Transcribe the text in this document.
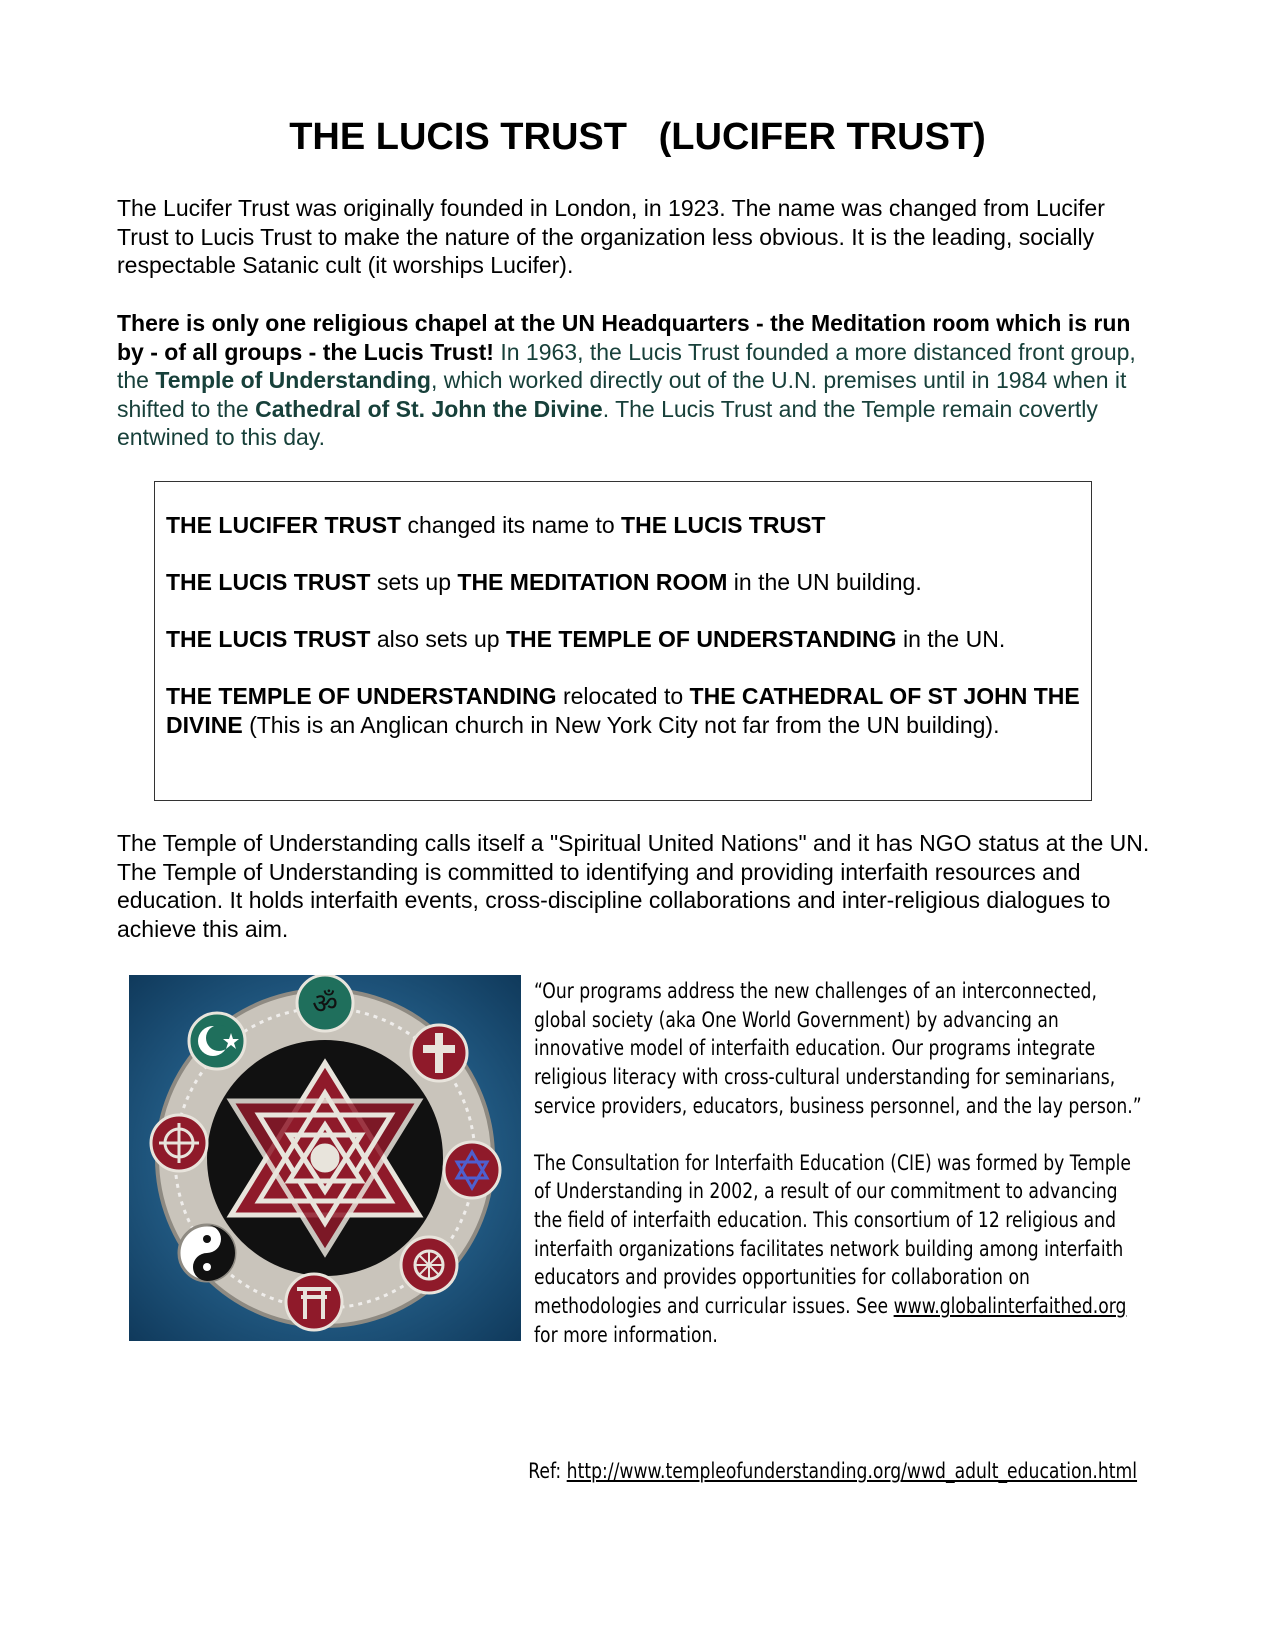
THE LUCIS TRUST   (LUCIFER TRUST)

The Lucifer Trust was originally founded in London, in 1923. The name was changed from Lucifer Trust to Lucis Trust to make the nature of the organization less obvious. It is the leading, socially respectable Satanic cult (it worships Lucifer).

There is only one religious chapel at the UN Headquarters - the Meditation room which is run by - of all groups - the Lucis Trust! In 1963, the Lucis Trust founded a more distanced front group, the Temple of Understanding, which worked directly out of the U.N. premises until in 1984 when it shifted to the Cathedral of St. John the Divine. The Lucis Trust and the Temple remain covertly entwined to this day.

THE LUCIFER TRUST changed its name to THE LUCIS TRUST

THE LUCIS TRUST sets up THE MEDITATION ROOM in the UN building.

THE LUCIS TRUST also sets up THE TEMPLE OF UNDERSTANDING in the UN.

THE TEMPLE OF UNDERSTANDING relocated to THE CATHEDRAL OF ST JOHN THE DIVINE (This is an Anglican church in New York City not far from the UN building).

The Temple of Understanding calls itself a "Spiritual United Nations" and it has NGO status at the UN. The Temple of Understanding is committed to identifying and providing interfaith resources and education. It holds interfaith events, cross-discipline collaborations and inter-religious dialogues to achieve this aim.

ॐ	“Our programs address the new challenges of an interconnected, global society (aka One World Government) by advancing an innovative model of interfaith education. Our programs integrate religious literacy with cross-cultural understanding for seminarians, service providers, educators, business personnel, and the lay person.”

The Consultation for Interfaith Education (CIE) was formed by Temple of Understanding in 2002, a result of our commitment to advancing the field of interfaith education. This consortium of 12 religious and interfaith organizations facilitates network building among interfaith educators and provides opportunities for collaboration on methodologies and curricular issues. See www.globalinterfaithed.org for more information.

Ref: http://www.templeofunderstanding.org/wwd_adult_education.html
